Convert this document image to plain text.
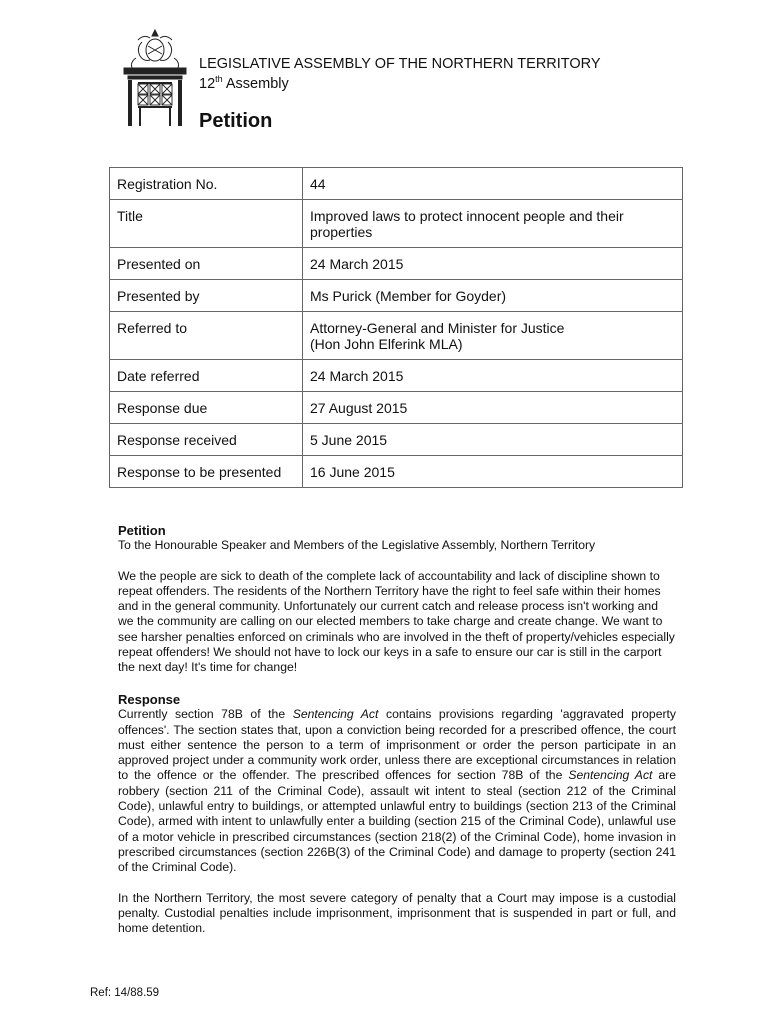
LEGISLATIVE ASSEMBLY OF THE NORTHERN TERRITORY
12th Assembly
Petition
Registration No.	44

Title	Improved laws to protect innocent people and their
properties

Presented on	24 March 2015

Presented by	Ms Purick (Member for Goyder)

Referred to	Attorney-General and Minister for Justice
(Hon John Elferink MLA)

Date referred	24 March 2015

Response due	27 August 2015

Response received	5 June 2015

Response to be presented	16 June 2015
Petition
To the Honourable Speaker and Members of the Legislative Assembly, Northern Territory
We the people are sick to death of the complete lack of accountability and lack of discipline shown to repeat offenders. The residents of the Northern Territory have the right to feel safe within their homes and in the general community. Unfortunately our current catch and release process isn't working and we the community are calling on our elected members to take charge and create change. We want to see harsher penalties enforced on criminals who are involved in the theft of property/vehicles especially repeat offenders! We should not have to lock our keys in a safe to ensure our car is still in the carport the next day! It's time for change!
Response
Currently section 78B of the Sentencing Act contains provisions regarding 'aggravated property offences'. The section states that, upon a conviction being recorded for a prescribed offence, the court must either sentence the person to a term of imprisonment or order the person participate in an approved project under a community work order, unless there are exceptional circumstances in relation to the offence or the offender. The prescribed offences for section 78B of the Sentencing Act are robbery (section 211 of the Criminal Code), assault wit intent to steal (section 212 of the Criminal Code), unlawful entry to buildings, or attempted unlawful entry to buildings (section 213 of the Criminal Code), armed with intent to unlawfully enter a building (section 215 of the Criminal Code), unlawful use of a motor vehicle in prescribed circumstances (section 218(2) of the Criminal Code), home invasion in prescribed circumstances (section 226B(3) of the Criminal Code) and damage to property (section 241 of the Criminal Code).
In the Northern Territory, the most severe category of penalty that a Court may impose is a custodial penalty. Custodial penalties include imprisonment, imprisonment that is suspended in part or full, and home detention.
Ref: 14/88.59
